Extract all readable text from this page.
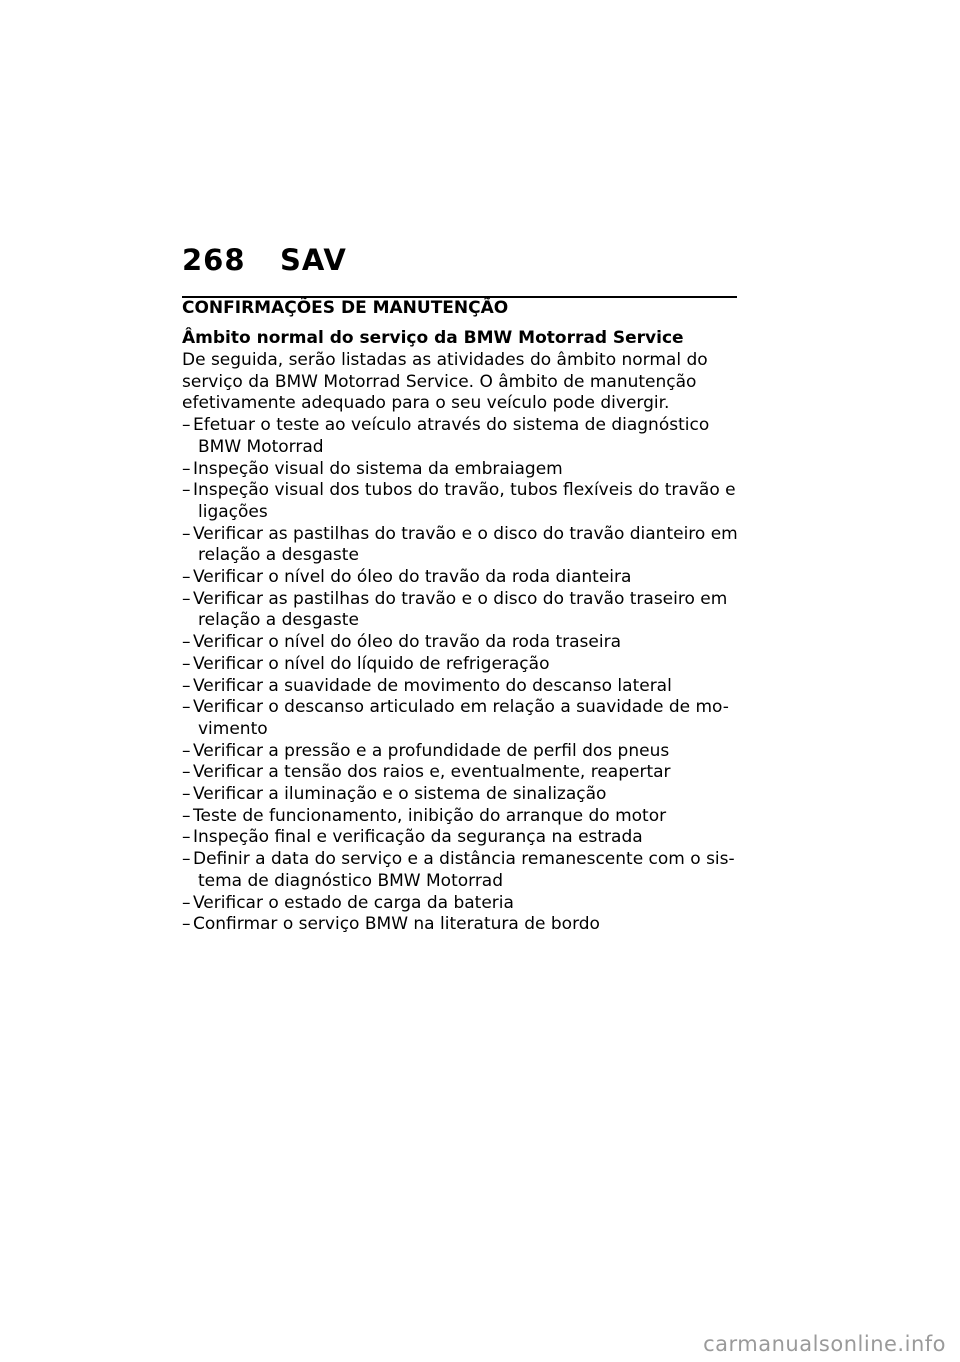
268 SAV
CONFIRMAÇÕES DE MANUTENÇÃO
Âmbito normal do serviço da BMW Motorrad Service

De seguida, serão listadas as atividades do âmbito normal do
serviço da BMW Motorrad Service. O âmbito de manutenção
efetivamente adequado para o seu veículo pode divergir.

– Efetuar o teste ao veículo através do sistema de diagnóstico
BMW Motorrad
– Inspeção visual do sistema da embraiagem
– Inspeção visual dos tubos do travão, tubos flexíveis do travão e
ligações
– Verificar as pastilhas do travão e o disco do travão dianteiro em
relação a desgaste
– Verificar o nível do óleo do travão da roda dianteira
– Verificar as pastilhas do travão e o disco do travão traseiro em
relação a desgaste
– Verificar o nível do óleo do travão da roda traseira
– Verificar o nível do líquido de refrigeração
– Verificar a suavidade de movimento do descanso lateral
– Verificar o descanso articulado em relação a suavidade de mo-
vimento
– Verificar a pressão e a profundidade de perfil dos pneus
– Verificar a tensão dos raios e, eventualmente, reapertar
– Verificar a iluminação e o sistema de sinalização
– Teste de funcionamento, inibição do arranque do motor
– Inspeção final e verificação da segurança na estrada
– Definir a data do serviço e a distância remanescente com o sis-
tema de diagnóstico BMW Motorrad
– Verificar o estado de carga da bateria
– Confirmar o serviço BMW na literatura de bordo
carmanualsonline.info
